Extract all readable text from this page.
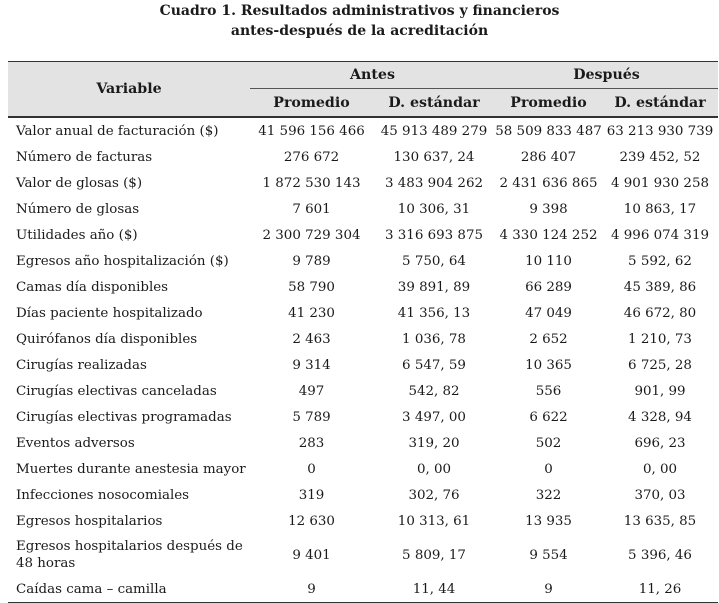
Cuadro 1. Resultados administrativos y financieros
antes-después de la acreditación
Variable	Antes		Después	
	Promedio	D. estándar	Promedio	D. estándar
Valor anual de facturación ($)	41 596 156 466	45 913 489 279	58 509 833 487	63 213 930 739
Número de facturas	276 672	130 637, 24	286 407	239 452, 52
Valor de glosas ($)	1 872 530 143	3 483 904 262	2 431 636 865	4 901 930 258
Número de glosas	7 601	10 306, 31	9 398	10 863, 17
Utilidades año ($)	2 300 729 304	3 316 693 875	4 330 124 252	4 996 074 319
Egresos año hospitalización ($)	9 789	5 750, 64	10 110	5 592, 62
Camas día disponibles	58 790	39 891, 89	66 289	45 389, 86
Días paciente hospitalizado	41 230	41 356, 13	47 049	46 672, 80
Quirófanos día disponibles	2 463	1 036, 78	2 652	1 210, 73
Cirugías realizadas	9 314	6 547, 59	10 365	6 725, 28
Cirugías electivas canceladas	497	542, 82	556	901, 99
Cirugías electivas programadas	5 789	3 497, 00	6 622	4 328, 94
Eventos adversos	283	319, 20	502	696, 23
Muertes durante anestesia mayor	0	0, 00	0	0, 00
Infecciones nosocomiales	319	302, 76	322	370, 03
Egresos hospitalarios	12 630	10 313, 61	13 935	13 635, 85
Egresos hospitalarios después de 48 horas	9 401	5 809, 17	9 554	5 396, 46
Caídas cama – camilla	9	11, 44	9	11, 26
